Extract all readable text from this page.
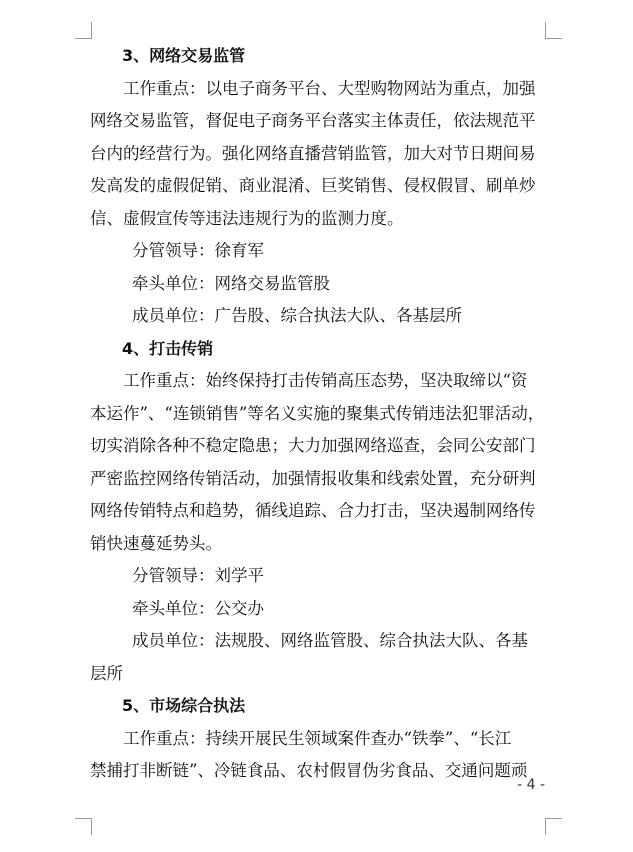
3、网络交易监管
工作重点：以电子商务平台、大型购物网站为重点，加强
网络交易监管，督促电子商务平台落实主体责任，依法规范平
台内的经营行为。强化网络直播营销监管，加大对节日期间易
发高发的虚假促销、商业混淆、巨奖销售、侵权假冒、刷单炒
信、虚假宣传等违法违规行为的监测力度。
分管领导：徐育军
牵头单位：网络交易监管股
成员单位：广告股、综合执法大队、各基层所
4、打击传销
工作重点：始终保持打击传销高压态势，坚决取缔以“资
本运作”、“连锁销售”等名义实施的聚集式传销违法犯罪活动，
切实消除各种不稳定隐患；大力加强网络巡查，会同公安部门
严密监控网络传销活动，加强情报收集和线索处置，充分研判
网络传销特点和趋势，循线追踪、合力打击，坚决遏制网络传
销快速蔓延势头。
分管领导：刘学平
牵头单位：公交办
成员单位：法规股、网络监管股、综合执法大队、各基
层所
5、市场综合执法
工作重点：持续开展民生领域案件查办“铁拳”、“长江
禁捕打非断链”、冷链食品、农村假冒伪劣食品、交通问题顽
- 4 -
